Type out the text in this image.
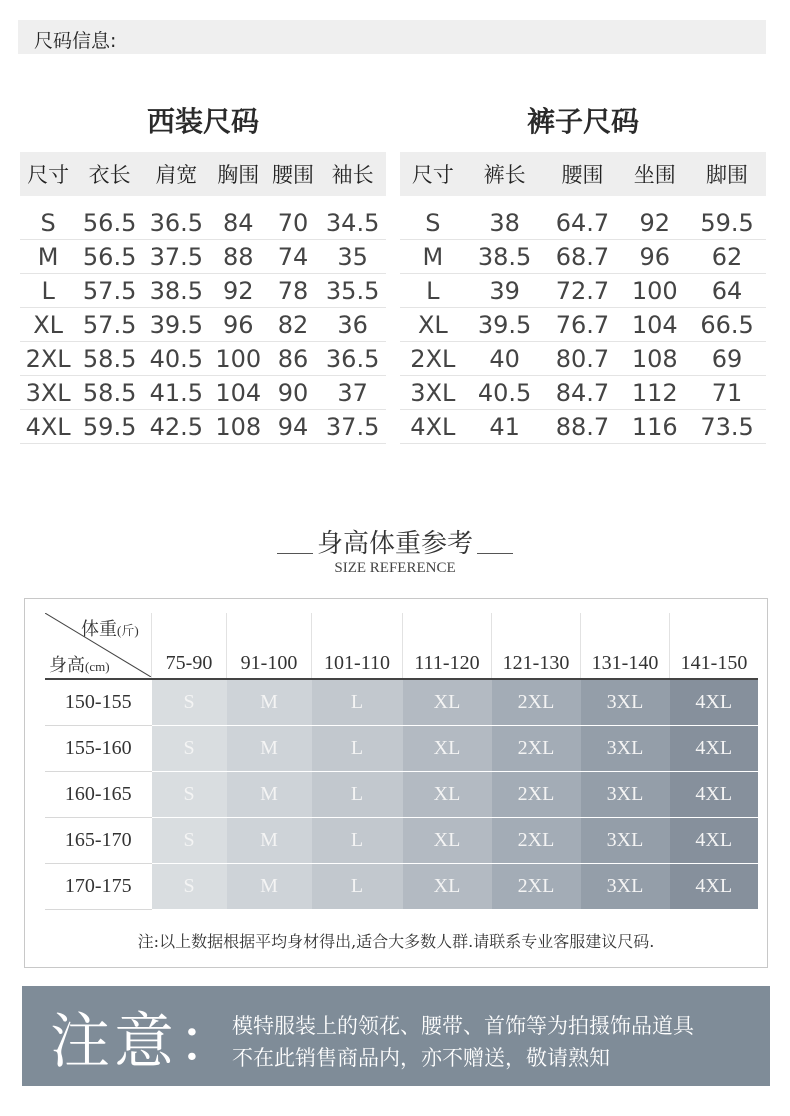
尺码信息:
西装尺码	裤子尺码
尺寸	衣长	肩宽	胸围	腰围	袖长

S	56.5	36.5	84	70	34.5
M	56.5	37.5	88	74	35
L	57.5	38.5	92	78	35.5
XL	57.5	39.5	96	82	36
2XL	58.5	40.5	100	86	36.5
3XL	58.5	41.5	104	90	37
4XL	59.5	42.5	108	94	37.5
尺寸	裤长	腰围	坐围	脚围

S	38	64.7	92	59.5
M	38.5	68.7	96	62
L	39	72.7	100	64
XL	39.5	76.7	104	66.5
2XL	40	80.7	108	69
3XL	40.5	84.7	112	71
4XL	41	88.7	116	73.5
身高体重参考
SIZE REFERENCE
体重(斤)
身高(cm)	75-90	91-100	101-110	111-120	121-130	131-140	141-150
150-155	S	M	L	XL	2XL	3XL	4XL
155-160	S	M	L	XL	2XL	3XL	4XL
160-165	S	M	L	XL	2XL	3XL	4XL
165-170	S	M	L	XL	2XL	3XL	4XL
170-175	S	M	L	XL	2XL	3XL	4XL
注:以上数据根据平均身材得出,适合大多数人群.请联系专业客服建议尺码.
注意：
模特服装上的领花、腰带、首饰等为拍摄饰品道具
不在此销售商品内，亦不赠送，敬请熟知
